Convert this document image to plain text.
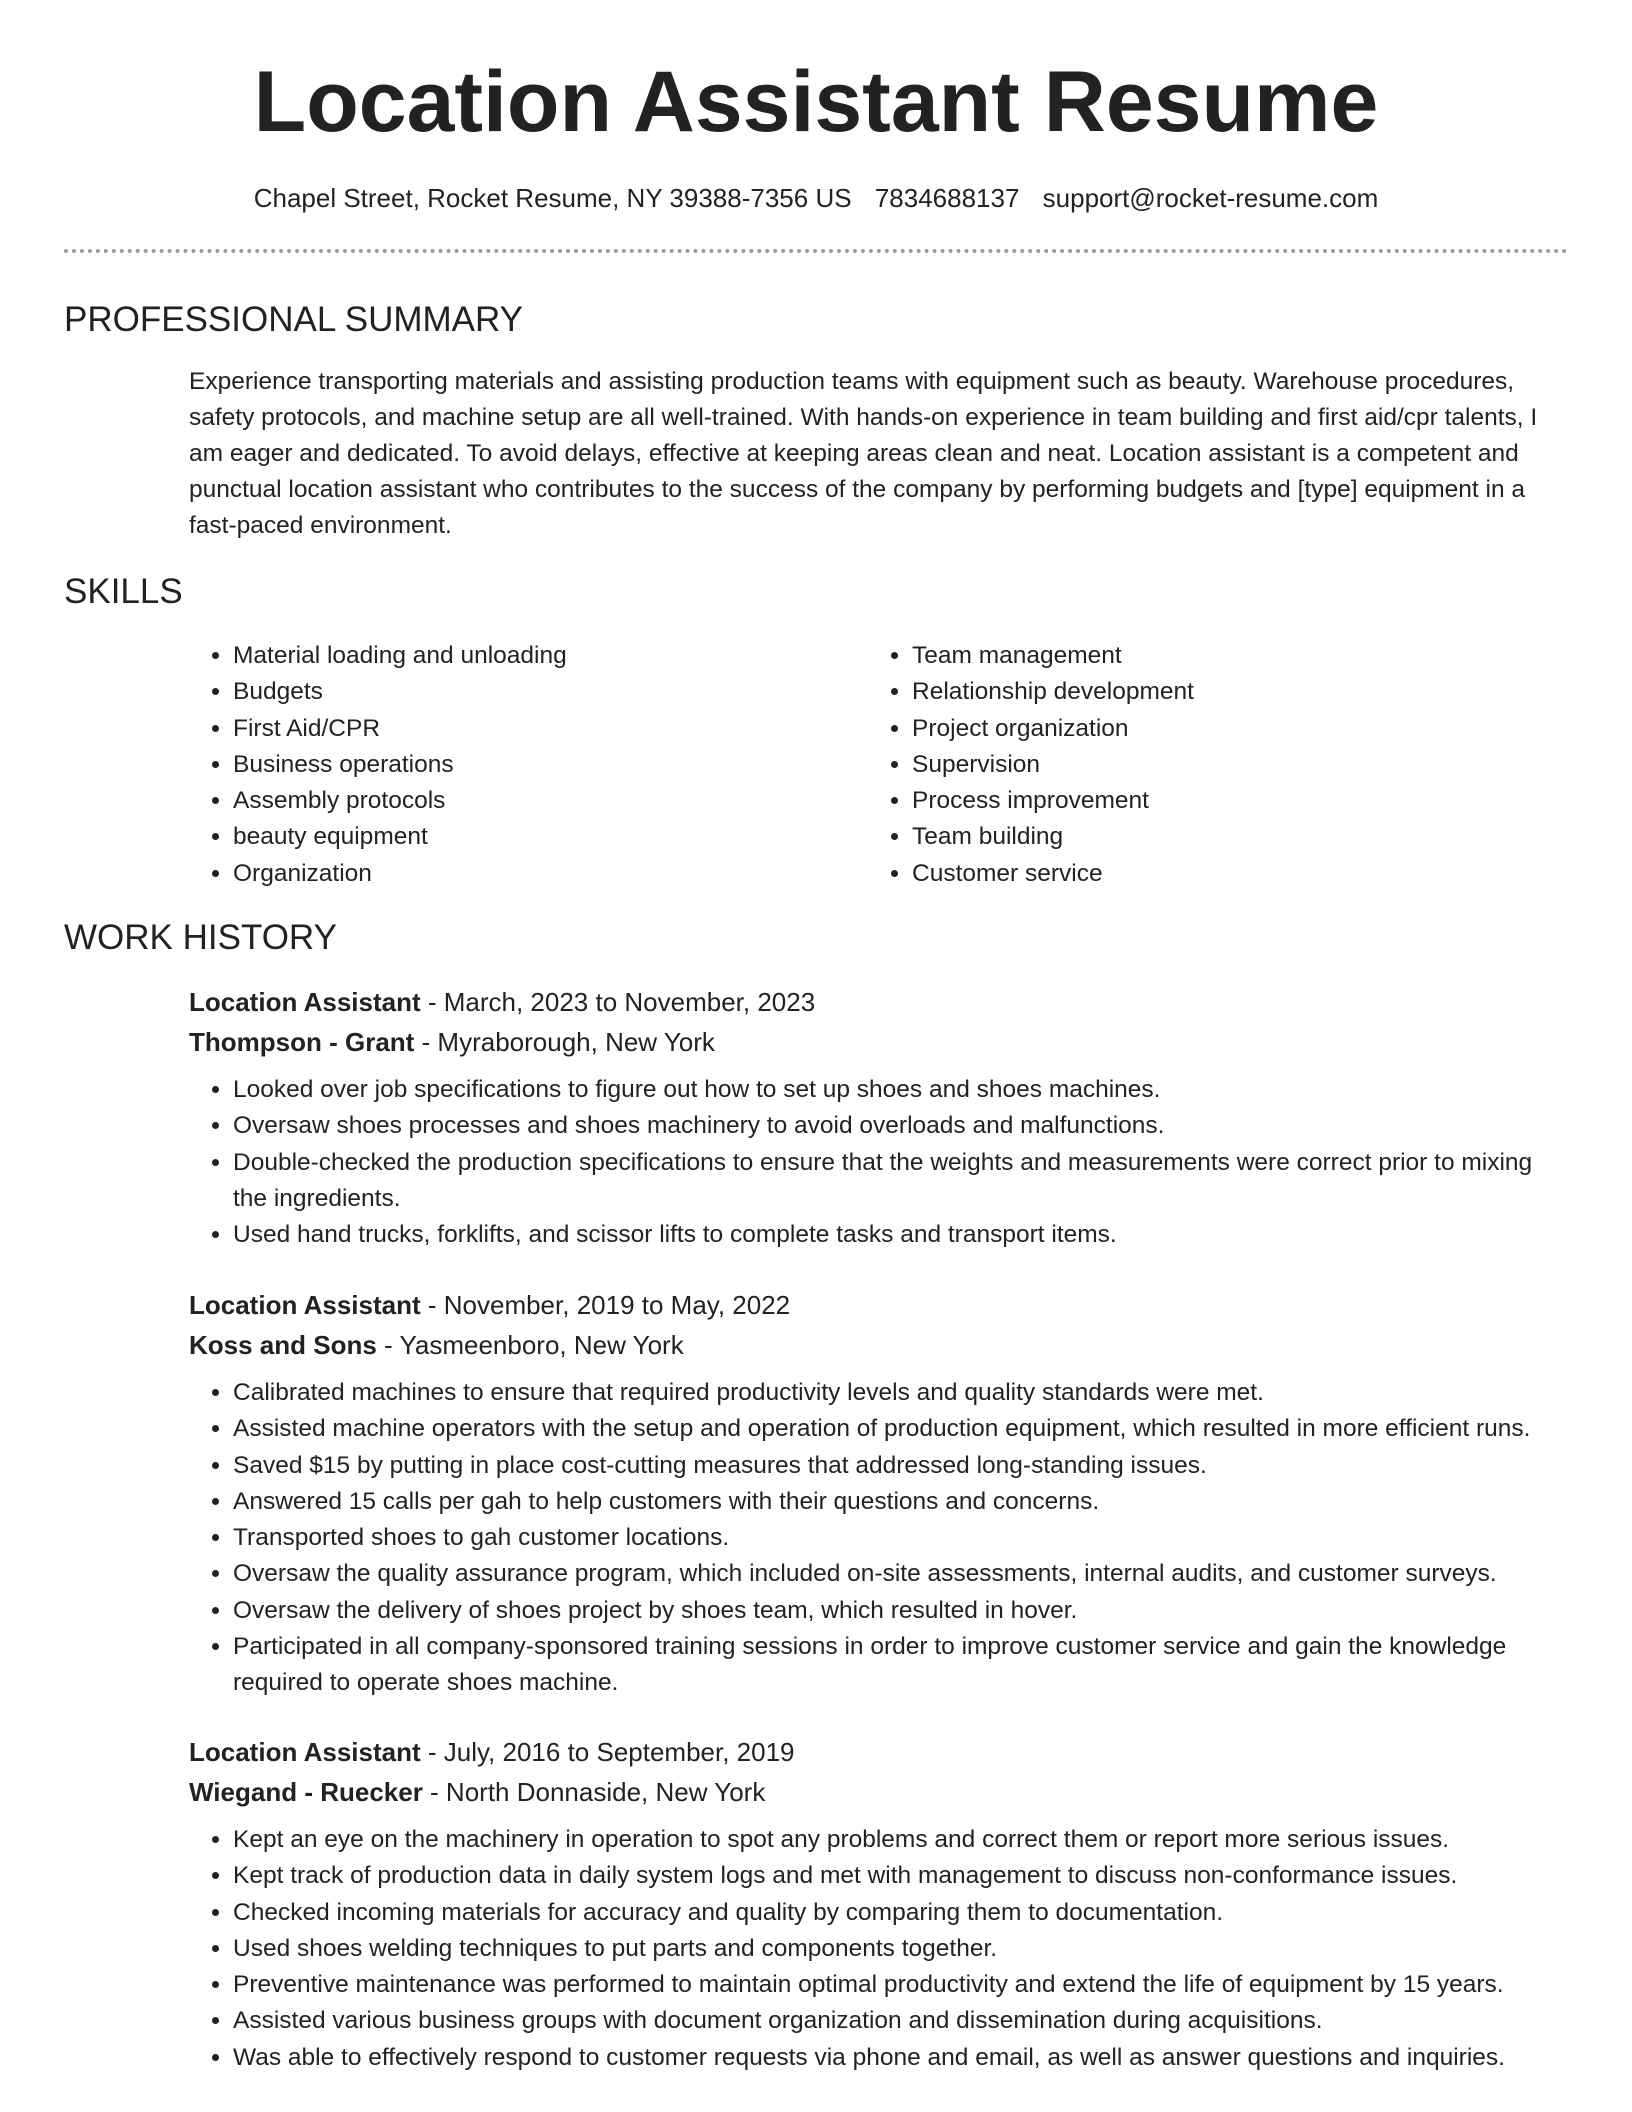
Location Assistant Resume
Chapel Street, Rocket Resume, NY 39388-7356 US 7834688137 support@rocket-resume.com
PROFESSIONAL SUMMARY

Experience transporting materials and assisting production teams with equipment such as beauty. Warehouse procedures, safety protocols, and machine setup are all well-trained. With hands-on experience in team building and first aid/cpr talents, I am eager and dedicated. To avoid delays, effective at keeping areas clean and neat. Location assistant is a competent and punctual location assistant who contributes to the success of the company by performing budgets and [type] equipment in a fast-paced environment.

SKILLS
• Material loading and unloading
• Budgets
• First Aid/CPR
• Business operations
• Assembly protocols
• beauty equipment
• Organization
• Team management
• Relationship development
• Project organization
• Supervision
• Process improvement
• Team building
• Customer service
WORK HISTORY
Location Assistant - March, 2023 to November, 2023
Thompson - Grant - Myraborough, New York
• Looked over job specifications to figure out how to set up shoes and shoes machines.
• Oversaw shoes processes and shoes machinery to avoid overloads and malfunctions.
• Double-checked the production specifications to ensure that the weights and measurements were correct prior to mixing the ingredients.
• Used hand trucks, forklifts, and scissor lifts to complete tasks and transport items.
Location Assistant - November, 2019 to May, 2022
Koss and Sons - Yasmeenboro, New York
• Calibrated machines to ensure that required productivity levels and quality standards were met.
• Assisted machine operators with the setup and operation of production equipment, which resulted in more efficient runs.
• Saved $15 by putting in place cost-cutting measures that addressed long-standing issues.
• Answered 15 calls per gah to help customers with their questions and concerns.
• Transported shoes to gah customer locations.
• Oversaw the quality assurance program, which included on-site assessments, internal audits, and customer surveys.
• Oversaw the delivery of shoes project by shoes team, which resulted in hover.
• Participated in all company-sponsored training sessions in order to improve customer service and gain the knowledge required to operate shoes machine.
Location Assistant - July, 2016 to September, 2019
Wiegand - Ruecker - North Donnaside, New York
• Kept an eye on the machinery in operation to spot any problems and correct them or report more serious issues.
• Kept track of production data in daily system logs and met with management to discuss non-conformance issues.
• Checked incoming materials for accuracy and quality by comparing them to documentation.
• Used shoes welding techniques to put parts and components together.
• Preventive maintenance was performed to maintain optimal productivity and extend the life of equipment by 15 years.
• Assisted various business groups with document organization and dissemination during acquisitions.
• Was able to effectively respond to customer requests via phone and email, as well as answer questions and inquiries.
